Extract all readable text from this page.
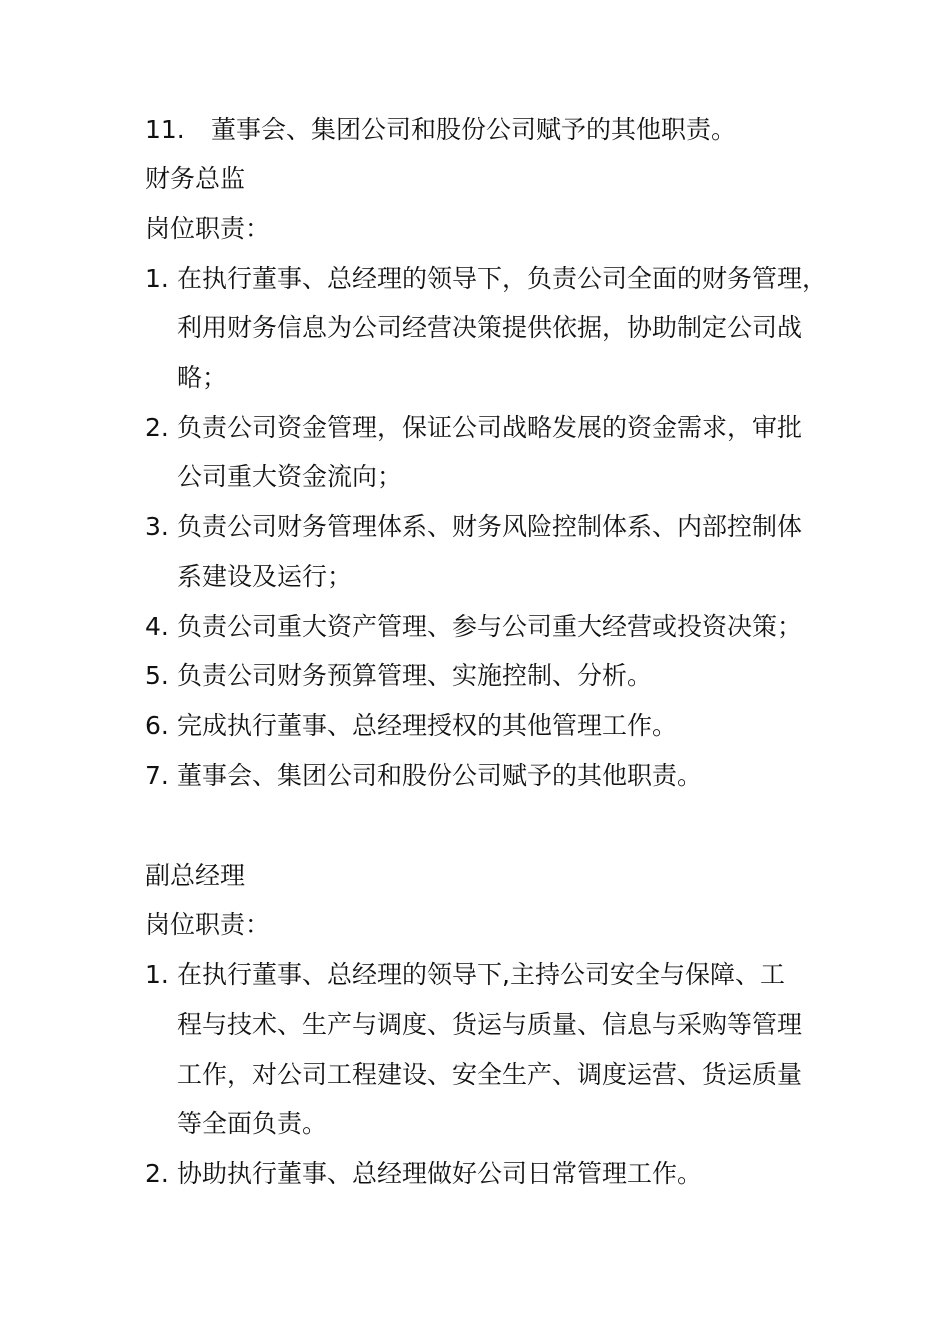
11. 董事会、集团公司和股份公司赋予的其他职责。
财务总监
岗位职责：
1. 在执行董事、总经理的领导下，负责公司全面的财务管理，
利用财务信息为公司经营决策提供依据，协助制定公司战
略；
2. 负责公司资金管理，保证公司战略发展的资金需求，审批
公司重大资金流向；
3. 负责公司财务管理体系、财务风险控制体系、内部控制体
系建设及运行；
4. 负责公司重大资产管理、参与公司重大经营或投资决策；
5. 负责公司财务预算管理、实施控制、分析。
6. 完成执行董事、总经理授权的其他管理工作。
7. 董事会、集团公司和股份公司赋予的其他职责。
副总经理
岗位职责：
1. 在执行董事、总经理的领导下,主持公司安全与保障、工
程与技术、生产与调度、货运与质量、信息与采购等管理
工作，对公司工程建设、安全生产、调度运营、货运质量
等全面负责。
2. 协助执行董事、总经理做好公司日常管理工作。
